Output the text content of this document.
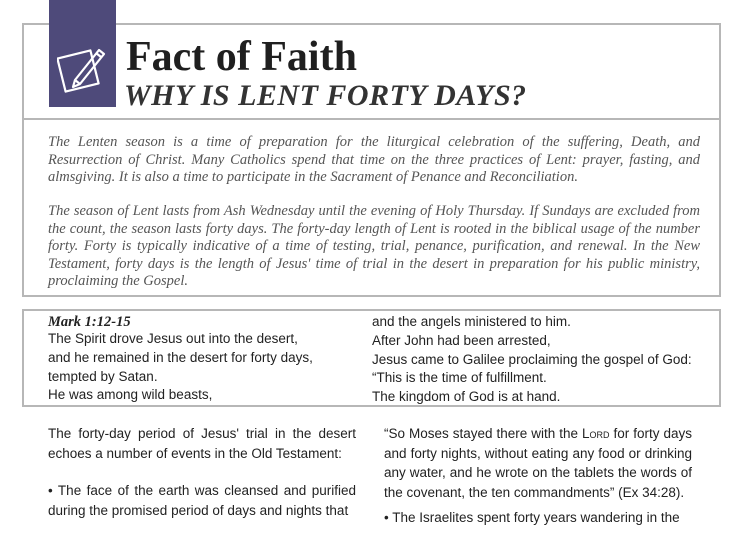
Fact of Faith
WHY IS LENT FORTY DAYS?

The Lenten season is a time of preparation for the liturgical celebration of the suffering, Death, and Resurrection of Christ. Many Catholics spend that time on the three practices of Lent: prayer, fasting, and almsgiving. It is also a time to participate in the Sacrament of Penance and Reconciliation.

The season of Lent lasts from Ash Wednesday until the evening of Holy Thursday. If Sundays are excluded from the count, the season lasts forty days. The forty-day length of Lent is rooted in the biblical usage of the number forty. Forty is typically indicative of a time of testing, trial, penance, purification, and renewal. In the New Testament, forty days is the length of Jesus' time of trial in the desert in preparation for his public ministry, proclaiming the Gospel.

Mark 1:12-15

The Spirit drove Jesus out into the desert,
and he remained in the desert for forty days,
tempted by Satan.
He was among wild beasts,
and the angels ministered to him.
After John had been arrested,
Jesus came to Galilee proclaiming the gospel of God:
“This is the time of fulfillment.
The kingdom of God is at hand.

The forty-day period of Jesus' trial in the desert echoes a number of events in the Old Testament:

• The face of the earth was cleansed and purified during the promised period of days and nights that

“So Moses stayed there with the Lord for forty days and forty nights, without eating any food or drinking any water, and he wrote on the tablets the words of the covenant, the ten commandments” (Ex 34:28).

• The Israelites spent forty years wandering in the
